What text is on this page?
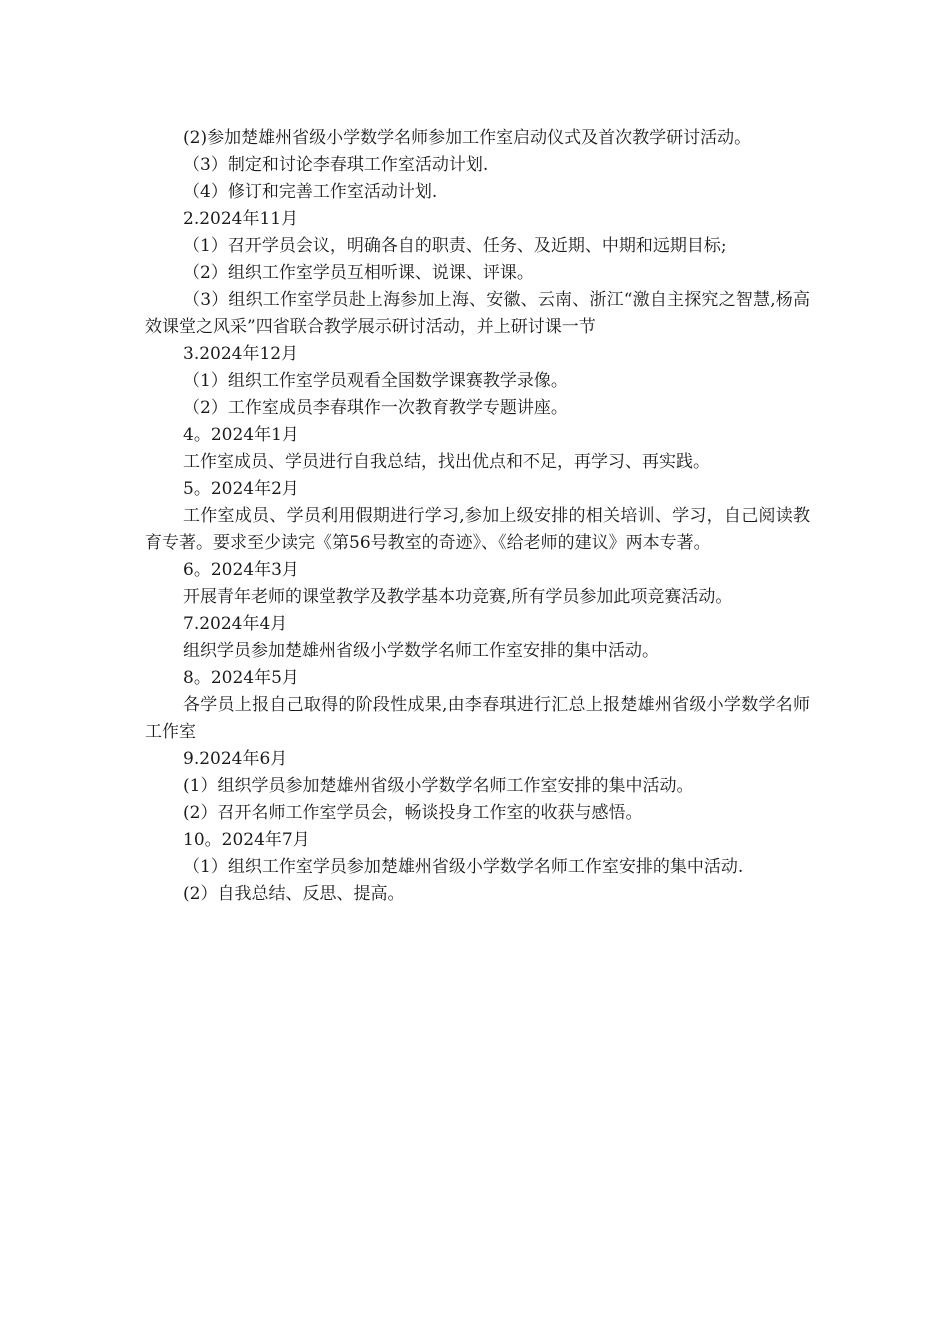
(2)参加楚雄州省级小学数学名师参加工作室启动仪式及首次教学研讨活动。

（3）制定和讨论李春琪工作室活动计划.

（4）修订和完善工作室活动计划.

2.2024年11月

（1）召开学员会议，明确各自的职责、任务、及近期、中期和远期目标;

（2）组织工作室学员互相听课、说课、评课。

（3）组织工作室学员赴上海参加上海、安徽、云南、浙江“激自主探究之智慧,杨高效课堂之风采”四省联合教学展示研讨活动，并上研讨课一节

3.2024年12月

（1）组织工作室学员观看全国数学课赛教学录像。

（2）工作室成员李春琪作一次教育教学专题讲座。

4。2024年1月

工作室成员、学员进行自我总结，找出优点和不足，再学习、再实践。

5。2024年2月

工作室成员、学员利用假期进行学习,参加上级安排的相关培训、学习，自己阅读教育专著。要求至少读完《第56号教室的奇迹》、《给老师的建议》两本专著。

6。2024年3月

开展青年老师的课堂教学及教学基本功竞赛,所有学员参加此项竞赛活动。

7.2024年4月

组织学员参加楚雄州省级小学数学名师工作室安排的集中活动。

8。2024年5月

各学员上报自己取得的阶段性成果,由李春琪进行汇总上报楚雄州省级小学数学名师工作室

9.2024年6月

(1）组织学员参加楚雄州省级小学数学名师工作室安排的集中活动。

(2）召开名师工作室学员会，畅谈投身工作室的收获与感悟。

10。2024年7月

（1）组织工作室学员参加楚雄州省级小学数学名师工作室安排的集中活动.

(2）自我总结、反思、提高。
